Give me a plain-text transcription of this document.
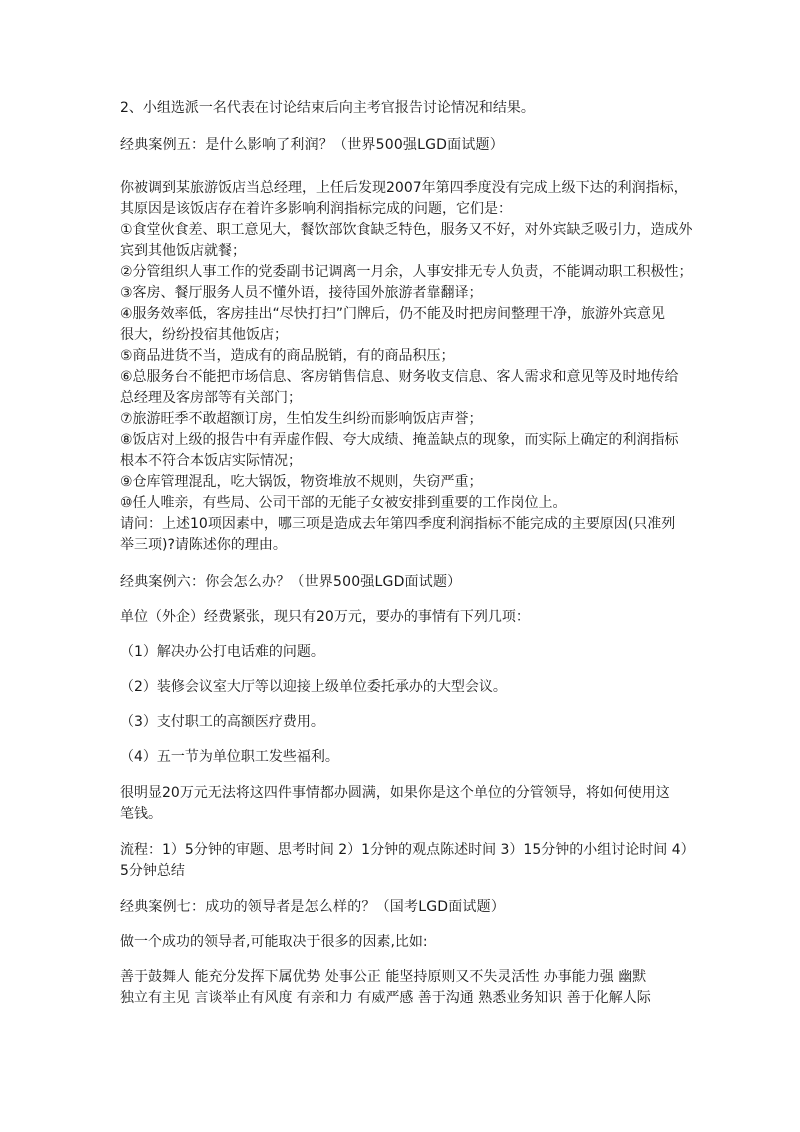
2、小组选派一名代表在讨论结束后向主考官报告讨论情况和结果。
经典案例五：是什么影响了利润？（世界500强LGD面试题）
你被调到某旅游饭店当总经理，上任后发现2007年第四季度没有完成上级下达的利润指标，
其原因是该饭店存在着许多影响利润指标完成的问题，它们是：
①食堂伙食差、职工意见大，餐饮部饮食缺乏特色，服务又不好，对外宾缺乏吸引力，造成外
宾到其他饭店就餐；
②分管组织人事工作的党委副书记调离一月余，人事安排无专人负责，不能调动职工积极性；
③客房、餐厅服务人员不懂外语，接待国外旅游者靠翻译；
④服务效率低，客房挂出“尽快打扫”门牌后，仍不能及时把房间整理干净，旅游外宾意见
很大，纷纷投宿其他饭店；
⑤商品进货不当，造成有的商品脱销，有的商品积压；
⑥总服务台不能把市场信息、客房销售信息、财务收支信息、客人需求和意见等及时地传给
总经理及客房部等有关部门；
⑦旅游旺季不敢超额订房，生怕发生纠纷而影响饭店声誉；
⑧饭店对上级的报告中有弄虚作假、夸大成绩、掩盖缺点的现象，而实际上确定的利润指标
根本不符合本饭店实际情况；
⑨仓库管理混乱，吃大锅饭，物资堆放不规则，失窃严重；
⑩任人唯亲，有些局、公司干部的无能子女被安排到重要的工作岗位上。
请问：上述10项因素中，哪三项是造成去年第四季度利润指标不能完成的主要原因(只准列
举三项)?请陈述你的理由。
经典案例六：你会怎么办？（世界500强LGD面试题）
单位（外企）经费紧张，现只有20万元，要办的事情有下列几项：
（1）解决办公打电话难的问题。
（2）装修会议室大厅等以迎接上级单位委托承办的大型会议。
（3）支付职工的高额医疗费用。
（4）五一节为单位职工发些福利。
很明显20万元无法将这四件事情都办圆满，如果你是这个单位的分管领导，将如何使用这
笔钱。
流程：1）5分钟的审题、思考时间 2）1分钟的观点陈述时间 3）15分钟的小组讨论时间 4）
5分钟总结
经典案例七：成功的领导者是怎么样的？（国考LGD面试题）
做一个成功的领导者,可能取决于很多的因素,比如:
善于鼓舞人 能充分发挥下属优势 处事公正 能坚持原则又不失灵活性 办事能力强 幽默
独立有主见 言谈举止有风度 有亲和力 有威严感 善于沟通 熟悉业务知识 善于化解人际
